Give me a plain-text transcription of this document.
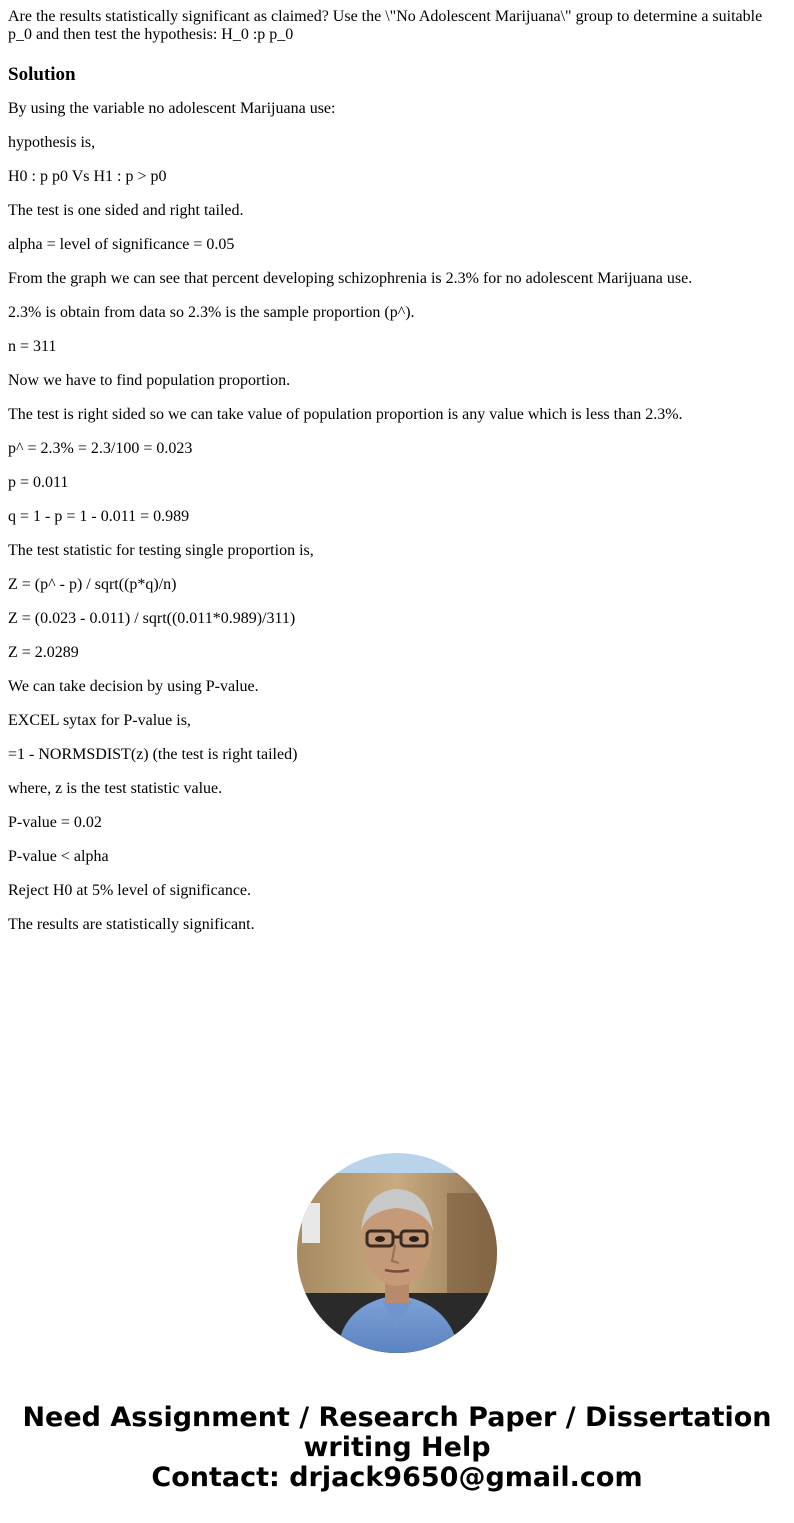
Are the results statistically significant as claimed? Use the \"No Adolescent Marijuana\" group to determine a suitable p_0 and then test the hypothesis: H_0 :p p_0

Solution

By using the variable no adolescent Marijuana use:

hypothesis is,

H0 : p p0 Vs H1 : p > p0

The test is one sided and right tailed.

alpha = level of significance = 0.05

From the graph we can see that percent developing schizophrenia is 2.3% for no adolescent Marijuana use.

2.3% is obtain from data so 2.3% is the sample proportion (p^).

n = 311

Now we have to find population proportion.

The test is right sided so we can take value of population proportion is any value which is less than 2.3%.

p^ = 2.3% = 2.3/100 = 0.023

p = 0.011

q = 1 - p = 1 - 0.011 = 0.989

The test statistic for testing single proportion is,

Z = (p^ - p) / sqrt((p*q)/n)

Z = (0.023 - 0.011) / sqrt((0.011*0.989)/311)

Z = 2.0289

We can take decision by using P-value.

EXCEL sytax for P-value is,

=1 - NORMSDIST(z) (the test is right tailed)

where, z is the test statistic value.

P-value = 0.02

P-value < alpha

Reject H0 at 5% level of significance.

The results are statistically significant.

Need Assignment / Research Paper / Dissertation
writing Help
Contact: drjack9650@gmail.com
